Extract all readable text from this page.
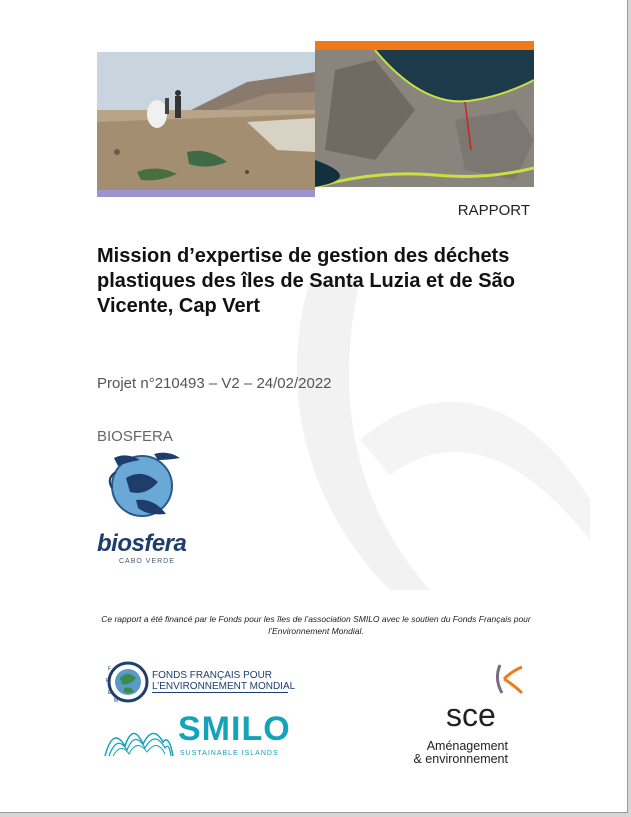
RAPPORT
Mission d’expertise de gestion des déchets plastiques des îles de Santa Luzia et de São Vicente, Cap Vert
Projet n°210493 – V2 – 24/02/2022
BIOSFERA
biosfera
CABO VERDE
Ce rapport a été financé par le Fonds pour les îles de l’association SMILO avec le soutien du Fonds Français pour l’Environnement Mondial.
F
F
E
M
FONDS FRANÇAIS POUR
L’ENVIRONNEMENT MONDIAL
SMILO
SUSTAINABLE ISLANDS
sce
Aménagement
& environnement
